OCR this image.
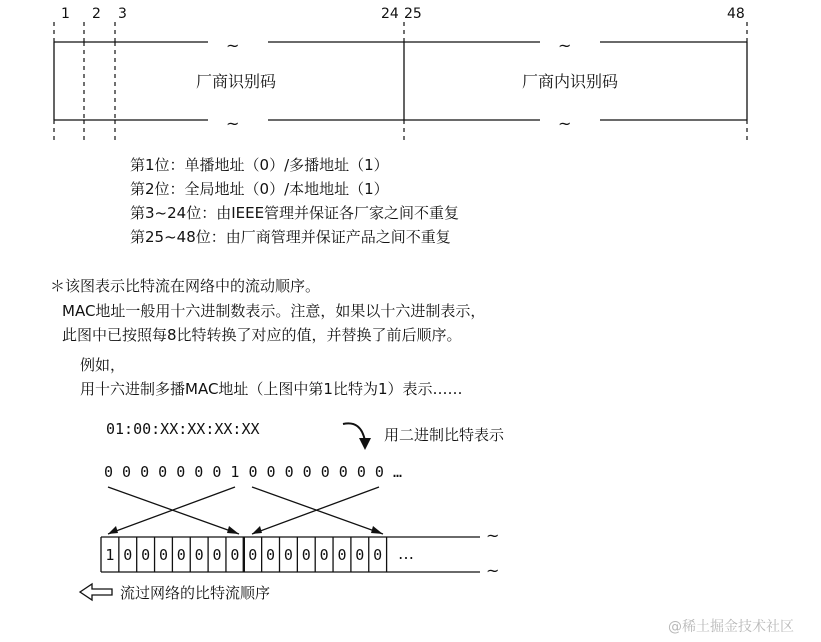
1 2 3	24 25	48
~	~
~	~
厂商识别码	厂商内识别码
第1位：单播地址（0）/多播地址（1）
第2位：全局地址（0）/本地地址（1）
第3~24位：由IEEE管理并保证各厂家之间不重复
第25~48位：由厂商管理并保证产品之间不重复
＊该图表示比特流在网络中的流动顺序。
MAC地址一般用十六进制数表示。注意，如果以十六进制表示，
此图中已按照每8比特转换了对应的值，并替换了前后顺序。
例如，
用十六进制多播MAC地址（上图中第1比特为1）表示……
01:00:XX:XX:XX:XX	用二进制比特表示
0 0 0 0 0 0 0 1 0 0 0 0 0 0 0 0 …
1 0 0 0 0 0 0 0 0 0 0 0 0 0 0 0 …
~
~
流过网络的比特流顺序
@稀土掘金技术社区
